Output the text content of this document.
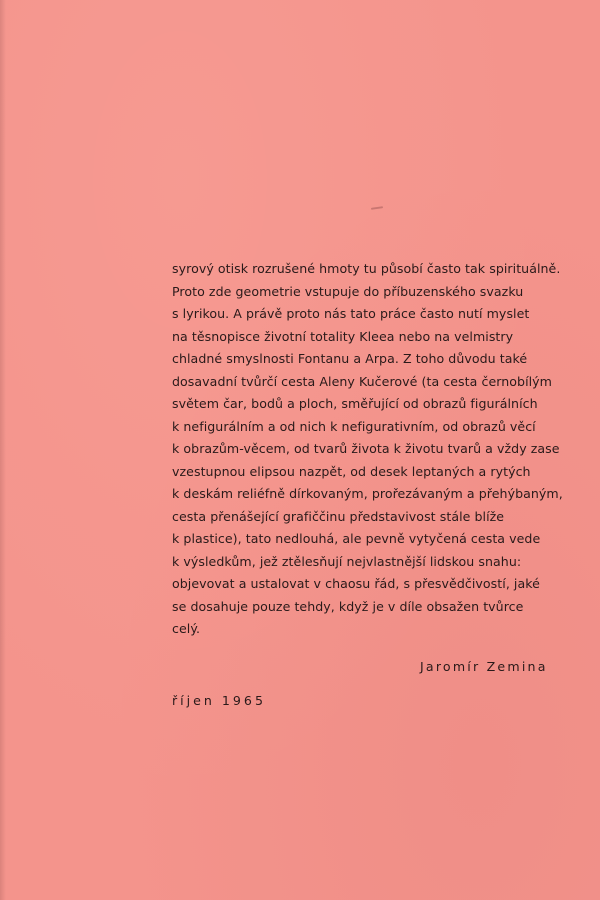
syrový otisk rozrušené hmoty tu působí často tak spirituálně.
Proto zde geometrie vstupuje do příbuzenského svazku
s lyrikou. A právě proto nás tato práce často nutí myslet
na těsnopisce životní totality Kleea nebo na velmistry
chladné smyslnosti Fontanu a Arpa. Z toho důvodu také
dosavadní tvůrčí cesta Aleny Kučerové (ta cesta černobílým
světem čar, bodů a ploch, směřující od obrazů figurálních
k nefigurálním a od nich k nefigurativním, od obrazů věcí
k obrazům-věcem, od tvarů života k životu tvarů a vždy zase
vzestupnou elipsou nazpět, od desek leptaných a rytých
k deskám reliéfně dírkovaným, prořezávaným a přehýbaným,
cesta přenášející grafiččinu představivost stále blíže
k plastice), tato nedlouhá, ale pevně vytyčená cesta vede
k výsledkům, jež ztělesňují nejvlastnější lidskou snahu:
objevovat a ustalovat v chaosu řád, s přesvědčivostí, jaké
se dosahuje pouze tehdy, když je v díle obsažen tvůrce
celý.
Jaromír Zemina
říjen 1965
